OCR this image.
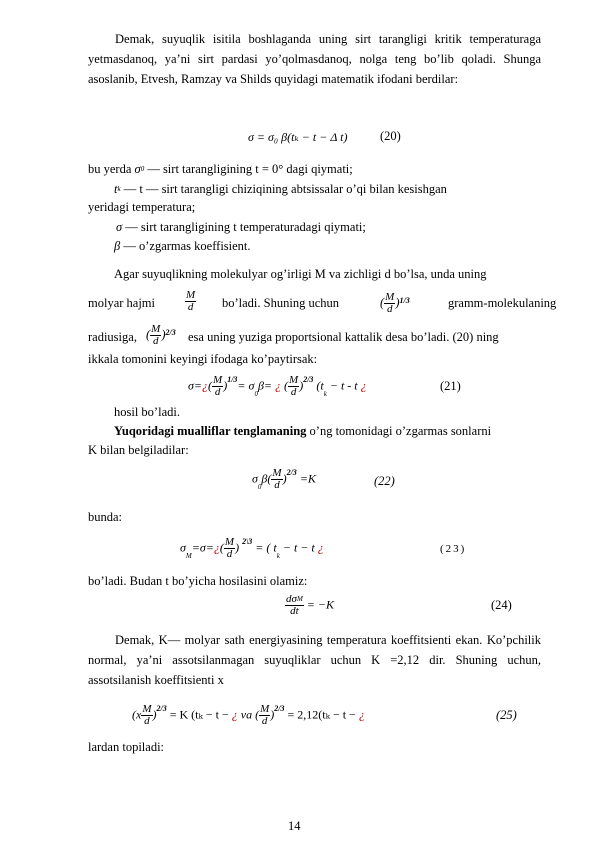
Demak, suyuqlik isitila boshlaganda uning sirt tarangligi kritik temperaturaga yetmasdanoq, ya’ni sirt pardasi yo’qolmasdanoq, nolga teng bo’lib qoladi. Shunga asoslanib, Etvesh, Ramzay va Shilds quyidagi matematik ifodani berdilar:
σ = σ₀ β(tₖ − t − Δ t)	(20)
bu yerda σ0 — sirt tarangligining t = 0° dagi qiymati;
tk — t — sirt tarangligi chiziqining abtsissalar o’qi bilan kesishgan
yeridagi temperatura;
σ — sirt tarangligining t temperaturadagi qiymati;
β — o’zgarmas koeffisient.
Agar suyuqlikning molekulyar og’irligi M va zichligi d bo’lsa, unda uning
molyar hajmi	$\frac{M}{d}$ bo’ladi. Shuning uchun	( $\frac{M}{d} )^{1/3}$	gramm-molekulaning
radiusiga, ( $\frac{M}{d} )^{2/3}$ esa uning yuziga proportsional kattalik desa bo’ladi. (20) ning
ikkala tomonini keyingi ifodaga ko’paytirsak:
σ=¿( $\frac{M}{d} )^{1/3}= \sigma 0\beta=$ ¿ ( $\frac{M}{d} )^{2/3}$ (tk − t - t ¿	(21)
hosil bo’ladi.
Yuqoridagi mualliflar tenglamaning o’ng tomonidagi o’zgarmas sonlarni
K bilan belgiladilar:
$\sigma 0\beta( \frac{M}{d} )^{2/3} =K$	(22)
bunda:
σM=σ=¿( $\frac{M}{d}$ ) $^{2\backslash 3}$ = ( tk − t − t ¿	(23)
bo’ladi. Budan t bo’yicha hosilasini olamiz:
$\frac{\text{dσM}}{dt} = -K$	(24)
Demak, K— molyar sath energiyasining temperatura koeffitsienti ekan. Ko’pchilik normal, ya’ni assotsilanmagan suyuqliklar uchun K =2,12 dir. Shuning uchun, assotsilanish koeffitsienti x
$(x \frac{M}{d} )^{2/3} = K$ (tₖ − t − ¿ va ( $\frac{M}{d} )^{2/3} = 2,12(t_k - t$ − ¿	(25)
lardan topiladi:
14
